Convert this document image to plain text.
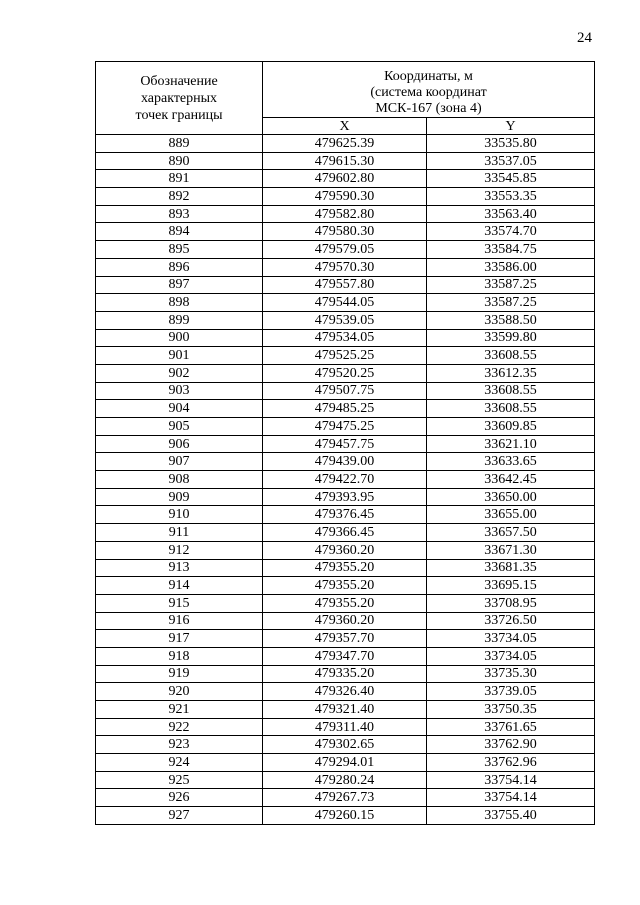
24
Обозначение
характерных
точек границы	Координаты, м
(система координат
МСК-167 (зона 4)	

	X	Y
889	479625.39	33535.80
890	479615.30	33537.05
891	479602.80	33545.85
892	479590.30	33553.35
893	479582.80	33563.40
894	479580.30	33574.70
895	479579.05	33584.75
896	479570.30	33586.00
897	479557.80	33587.25
898	479544.05	33587.25
899	479539.05	33588.50
900	479534.05	33599.80
901	479525.25	33608.55
902	479520.25	33612.35
903	479507.75	33608.55
904	479485.25	33608.55
905	479475.25	33609.85
906	479457.75	33621.10
907	479439.00	33633.65
908	479422.70	33642.45
909	479393.95	33650.00
910	479376.45	33655.00
911	479366.45	33657.50
912	479360.20	33671.30
913	479355.20	33681.35
914	479355.20	33695.15
915	479355.20	33708.95
916	479360.20	33726.50
917	479357.70	33734.05
918	479347.70	33734.05
919	479335.20	33735.30
920	479326.40	33739.05
921	479321.40	33750.35
922	479311.40	33761.65
923	479302.65	33762.90
924	479294.01	33762.96
925	479280.24	33754.14
926	479267.73	33754.14
927	479260.15	33755.40
